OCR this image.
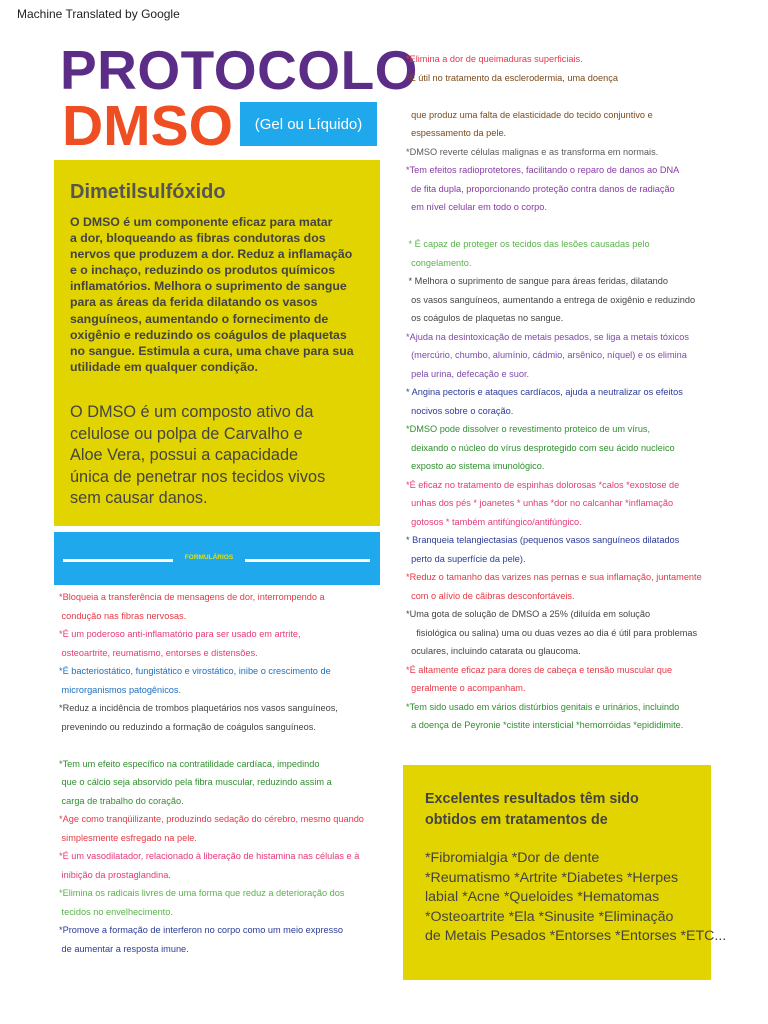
Machine Translated by Google
PROTOCOLO
DMSO	(Gel ou Líquido)
Dimetilsulfóxido
O DMSO é um componente eficaz para matar
a dor, bloqueando as fibras condutoras dos
nervos que produzem a dor. Reduz a inflamação
e o inchaço, reduzindo os produtos químicos
inflamatórios. Melhora o suprimento de sangue
para as áreas da ferida dilatando os vasos
sanguíneos, aumentando o fornecimento de
oxigênio e reduzindo os coágulos de plaquetas
no sangue. Estimula a cura, uma chave para sua
utilidade em qualquer condição.
O DMSO é um composto ativo da
celulose ou polpa de Carvalho e
Aloe Vera, possui a capacidade
única de penetrar nos tecidos vivos
sem causar danos.
FORMULÁRIOS
*Bloqueia a transferência de mensagens de dor, interrompendo a
condução nas fibras nervosas.
*É um poderoso anti-inflamatório para ser usado em artrite,
osteoartrite, reumatismo, entorses e distensões.
*É bacteriostático, fungistático e virostático, inibe o crescimento de
microrganismos patogênicos.
*Reduz a incidência de trombos plaquetários nos vasos sanguíneos,
prevenindo ou reduzindo a formação de coágulos sanguíneos.

*Tem um efeito específico na contratilidade cardíaca, impedindo
que o cálcio seja absorvido pela fibra muscular, reduzindo assim a
carga de trabalho do coração.
*Age como tranqüilizante, produzindo sedação do cérebro, mesmo quando
simplesmente esfregado na pele.
*É um vasodilatador, relacionado à liberação de histamina nas células e à
inibição da prostaglandina.
*Elimina os radicais livres de uma forma que reduz a deterioração dos
tecidos no envelhecimento.
*Promove a formação de interferon no corpo como um meio expresso
de aumentar a resposta imune.
*Elimina a dor de queimaduras superficiais.
*É útil no tratamento da esclerodermia, uma doença

que produz uma falta de elasticidade do tecido conjuntivo e
espessamento da pele.
*DMSO reverte células malignas e as transforma em normais.
*Tem efeitos radioprotetores, facilitando o reparo de danos ao DNA
de fita dupla, proporcionando proteção contra danos de radiação
em nível celular em todo o corpo.

* É capaz de proteger os tecidos das lesões causadas pelo
congelamento.
* Melhora o suprimento de sangue para áreas feridas, dilatando
os vasos sanguíneos, aumentando a entrega de oxigênio e reduzindo
os coágulos de plaquetas no sangue.
*Ajuda na desintoxicação de metais pesados, se liga a metais tóxicos
(mercúrio, chumbo, alumínio, cádmio, arsênico, níquel) e os elimina
pela urina, defecação e suor.
* Angina pectoris e ataques cardíacos, ajuda a neutralizar os efeitos
nocivos sobre o coração.
*DMSO pode dissolver o revestimento proteico de um vírus,
deixando o núcleo do vírus desprotegido com seu ácido nucleico
exposto ao sistema imunológico.
*É eficaz no tratamento de espinhas dolorosas *calos *exostose de
unhas dos pés * joanetes * unhas *dor no calcanhar *inflamação
gotosos * também antifúngico/antifúngico.
* Branqueia telangiectasias (pequenos vasos sanguíneos dilatados
perto da superfície da pele).
*Reduz o tamanho das varizes nas pernas e sua inflamação, juntamente
com o alívio de cãibras desconfortáveis.
*Uma gota de solução de DMSO a 25% (diluída em solução
fisiológica ou salina) uma ou duas vezes ao dia é útil para problemas
oculares, incluindo catarata ou glaucoma.
*É altamente eficaz para dores de cabeça e tensão muscular que
geralmente o acompanham.
*Tem sido usado em vários distúrbios genitais e urinários, incluindo
a doença de Peyronie *cistite intersticial *hemorróidas *epididimite.
Excelentes resultados têm sido
obtidos em tratamentos de
*Fibromialgia *Dor de dente
*Reumatismo *Artrite *Diabetes *Herpes
labial *Acne *Queloides *Hematomas
*Osteoartrite *Ela *Sinusite *Eliminação
de Metais Pesados *Entorses *Entorses *ETC...
